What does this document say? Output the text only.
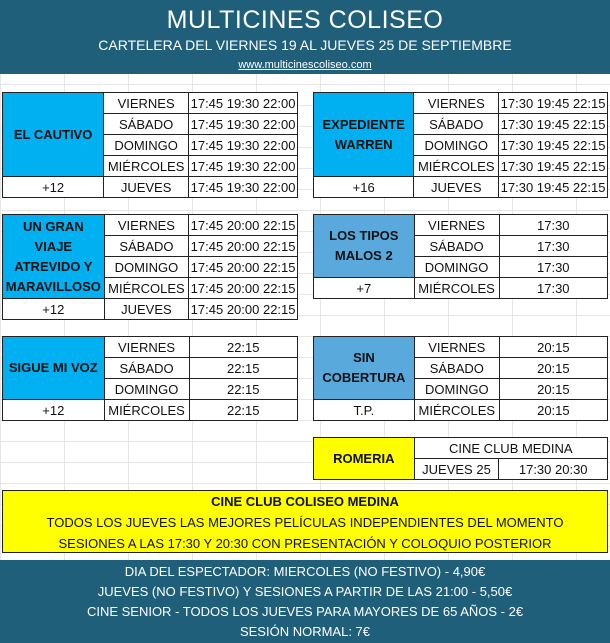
MULTICINES COLISEO
CARTELERA DEL VIERNES 19 AL JUEVES 25 DE SEPTIEMBRE
www.multicinescoliseo.com
EL CAUTIVO	VIERNES	17:45 19:30 22:00
	SÁBADO	17:45 19:30 22:00
	DOMINGO	17:45 19:30 22:00
	MIÉRCOLES	17:45 19:30 22:00
+12	JUEVES	17:45 19:30 22:00
EXPEDIENTE WARREN	VIERNES	17:30 19:45 22:15
	SÁBADO	17:30 19:45 22:15
	DOMINGO	17:30 19:45 22:15
	MIÉRCOLES	17:30 19:45 22:15
+16	JUEVES	17:30 19:45 22:15
UN GRAN VIAJE ATREVIDO Y MARAVILLOSO	VIERNES	17:45 20:00 22:15
	SÁBADO	17:45 20:00 22:15
	DOMINGO	17:45 20:00 22:15
	MIÉRCOLES	17:45 20:00 22:15
+12	JUEVES	17:45 20:00 22:15
LOS TIPOS MALOS 2	VIERNES	17:30
	SÁBADO	17:30
	DOMINGO	17:30
+7	MIÉRCOLES	17:30
SIGUE MI VOZ	VIERNES	22:15
	SÁBADO	22:15
	DOMINGO	22:15
+12	MIÉRCOLES	22:15
SIN COBERTURA	VIERNES	20:15
	SÁBADO	20:15
	DOMINGO	20:15
T.P.	MIÉRCOLES	20:15
ROMERIA	CINE CLUB MEDINA	
	JUEVES 25	17:30 20:30
CINE CLUB COLISEO MEDINA
TODOS LOS JUEVES LAS MEJORES PELÍCULAS INDEPENDIENTES DEL MOMENTO
SESIONES A LAS 17:30 Y 20:30 CON PRESENTACIÓN Y COLOQUIO POSTERIOR
DIA DEL ESPECTADOR: MIERCOLES (NO FESTIVO) - 4,90€
JUEVES (NO FESTIVO) Y SESIONES A PARTIR DE LAS 21:00 - 5,50€
CINE SENIOR - TODOS LOS JUEVES PARA MAYORES DE 65 AÑOS - 2€
SESIÓN NORMAL: 7€
